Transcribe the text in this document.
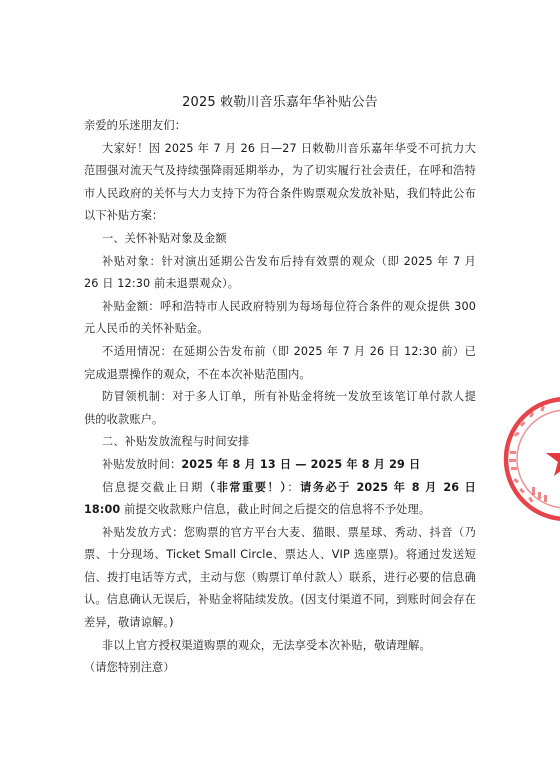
2025 敕勒川音乐嘉年华补贴公告

亲爱的乐迷朋友们：

大家好！因 2025 年 7 月 26 日—27 日敕勒川音乐嘉年华受不可抗力大范围强对流天气及持续强降雨延期举办，为了切实履行社会责任，在呼和浩特市人民政府的关怀与大力支持下为符合条件购票观众发放补贴，我们特此公布以下补贴方案：

一、关怀补贴对象及金额

补贴对象：针对演出延期公告发布后持有效票的观众（即 2025 年 7 月 26 日 12:30 前未退票观众）。

补贴金额：呼和浩特市人民政府特别为每场每位符合条件的观众提供 300 元人民币的关怀补贴金。

不适用情况：在延期公告发布前（即 2025 年 7 月 26 日 12:30 前）已完成退票操作的观众，不在本次补贴范围内。

防冒领机制：对于多人订单，所有补贴金将统一发放至该笔订单付款人提供的收款账户。

二、补贴发放流程与时间安排

补贴发放时间：2025 年 8 月 13 日 — 2025 年 8 月 29 日

信息提交截止日期（非常重要！）：请务必于 2025 年 8 月 26 日 18:00 前提交收款账户信息，截止时间之后提交的信息将不予处理。

补贴发放方式：您购票的官方平台大麦、猫眼、票星球、秀动、抖音（乃票、十分现场、Ticket Small Circle、票达人、VIP 选座票)。将通过发送短信、拨打电话等方式，主动与您（购票订单付款人）联系，进行必要的信息确认。信息确认无误后，补贴金将陆续发放。(因支付渠道不同，到账时间会存在差异，敬请谅解。)

非以上官方授权渠道购票的观众，无法享受本次补贴，敬请理解。

（请您特别注意）
